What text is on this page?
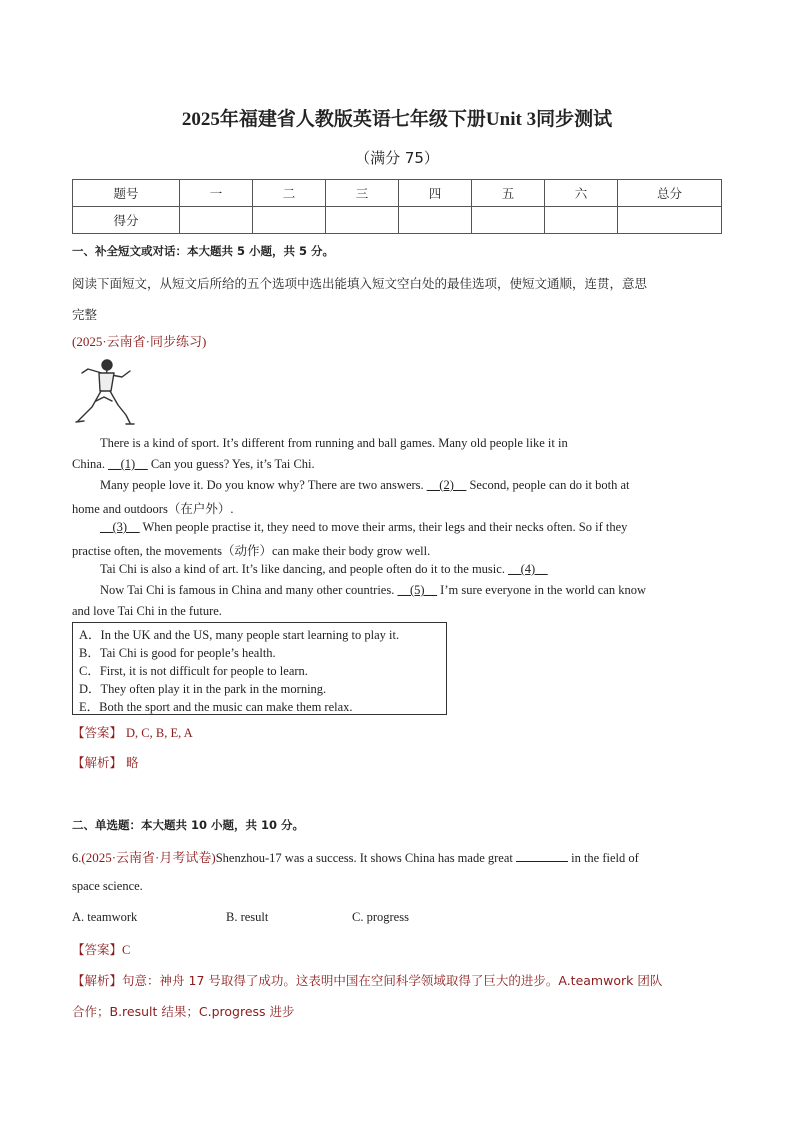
2025年福建省人教版英语七年级下册Unit 3同步测试
（满分 75）
题号	一	二	三	四	五	六	总分
得分							
一、补全短文或对话：本大题共 5 小题，共 5 分。
阅读下面短文，从短文后所给的五个选项中选出能填入短文空白处的最佳选项，使短文通顺，连贯，意思
完整
(2025·云南省·同步练习)
There is a kind of sport. It’s different from running and ball games. Many old people like it in
China. __(1)__ Can you guess? Yes, it’s Tai Chi.
Many people love it. Do you know why? There are two answers. __(2)__ Second, people can do it both at
home and outdoors（在户外）.
__(3)__ When people practise it, they need to move their arms, their legs and their necks often. So if they
practise often, the movements（动作）can make their body grow well.
Tai Chi is also a kind of art. It’s like dancing, and people often do it to the music. __(4)__
Now Tai Chi is famous in China and many other countries. __(5)__ I’m sure everyone in the world can know
and love Tai Chi in the future.
A．In the UK and the US, many people start learning to play it.
B．Tai Chi is good for people’s health.
C．First, it is not difficult for people to learn.
D．They often play it in the park in the morning.
E．Both the sport and the music can make them relax.
【答案】 D, C, B, E, A
【解析】 略
二、单选题：本大题共 10 小题，共 10 分。
6.(2025·云南省·月考试卷)Shenzhou-17 was a success. It shows China has made great	in the field of
space science.
A. teamwork	B. result	C. progress
【答案】C
【解析】句意：神舟 17 号取得了成功。这表明中国在空间科学领域取得了巨大的进步。A.teamwork 团队
合作；B.result 结果；C.progress 进步
